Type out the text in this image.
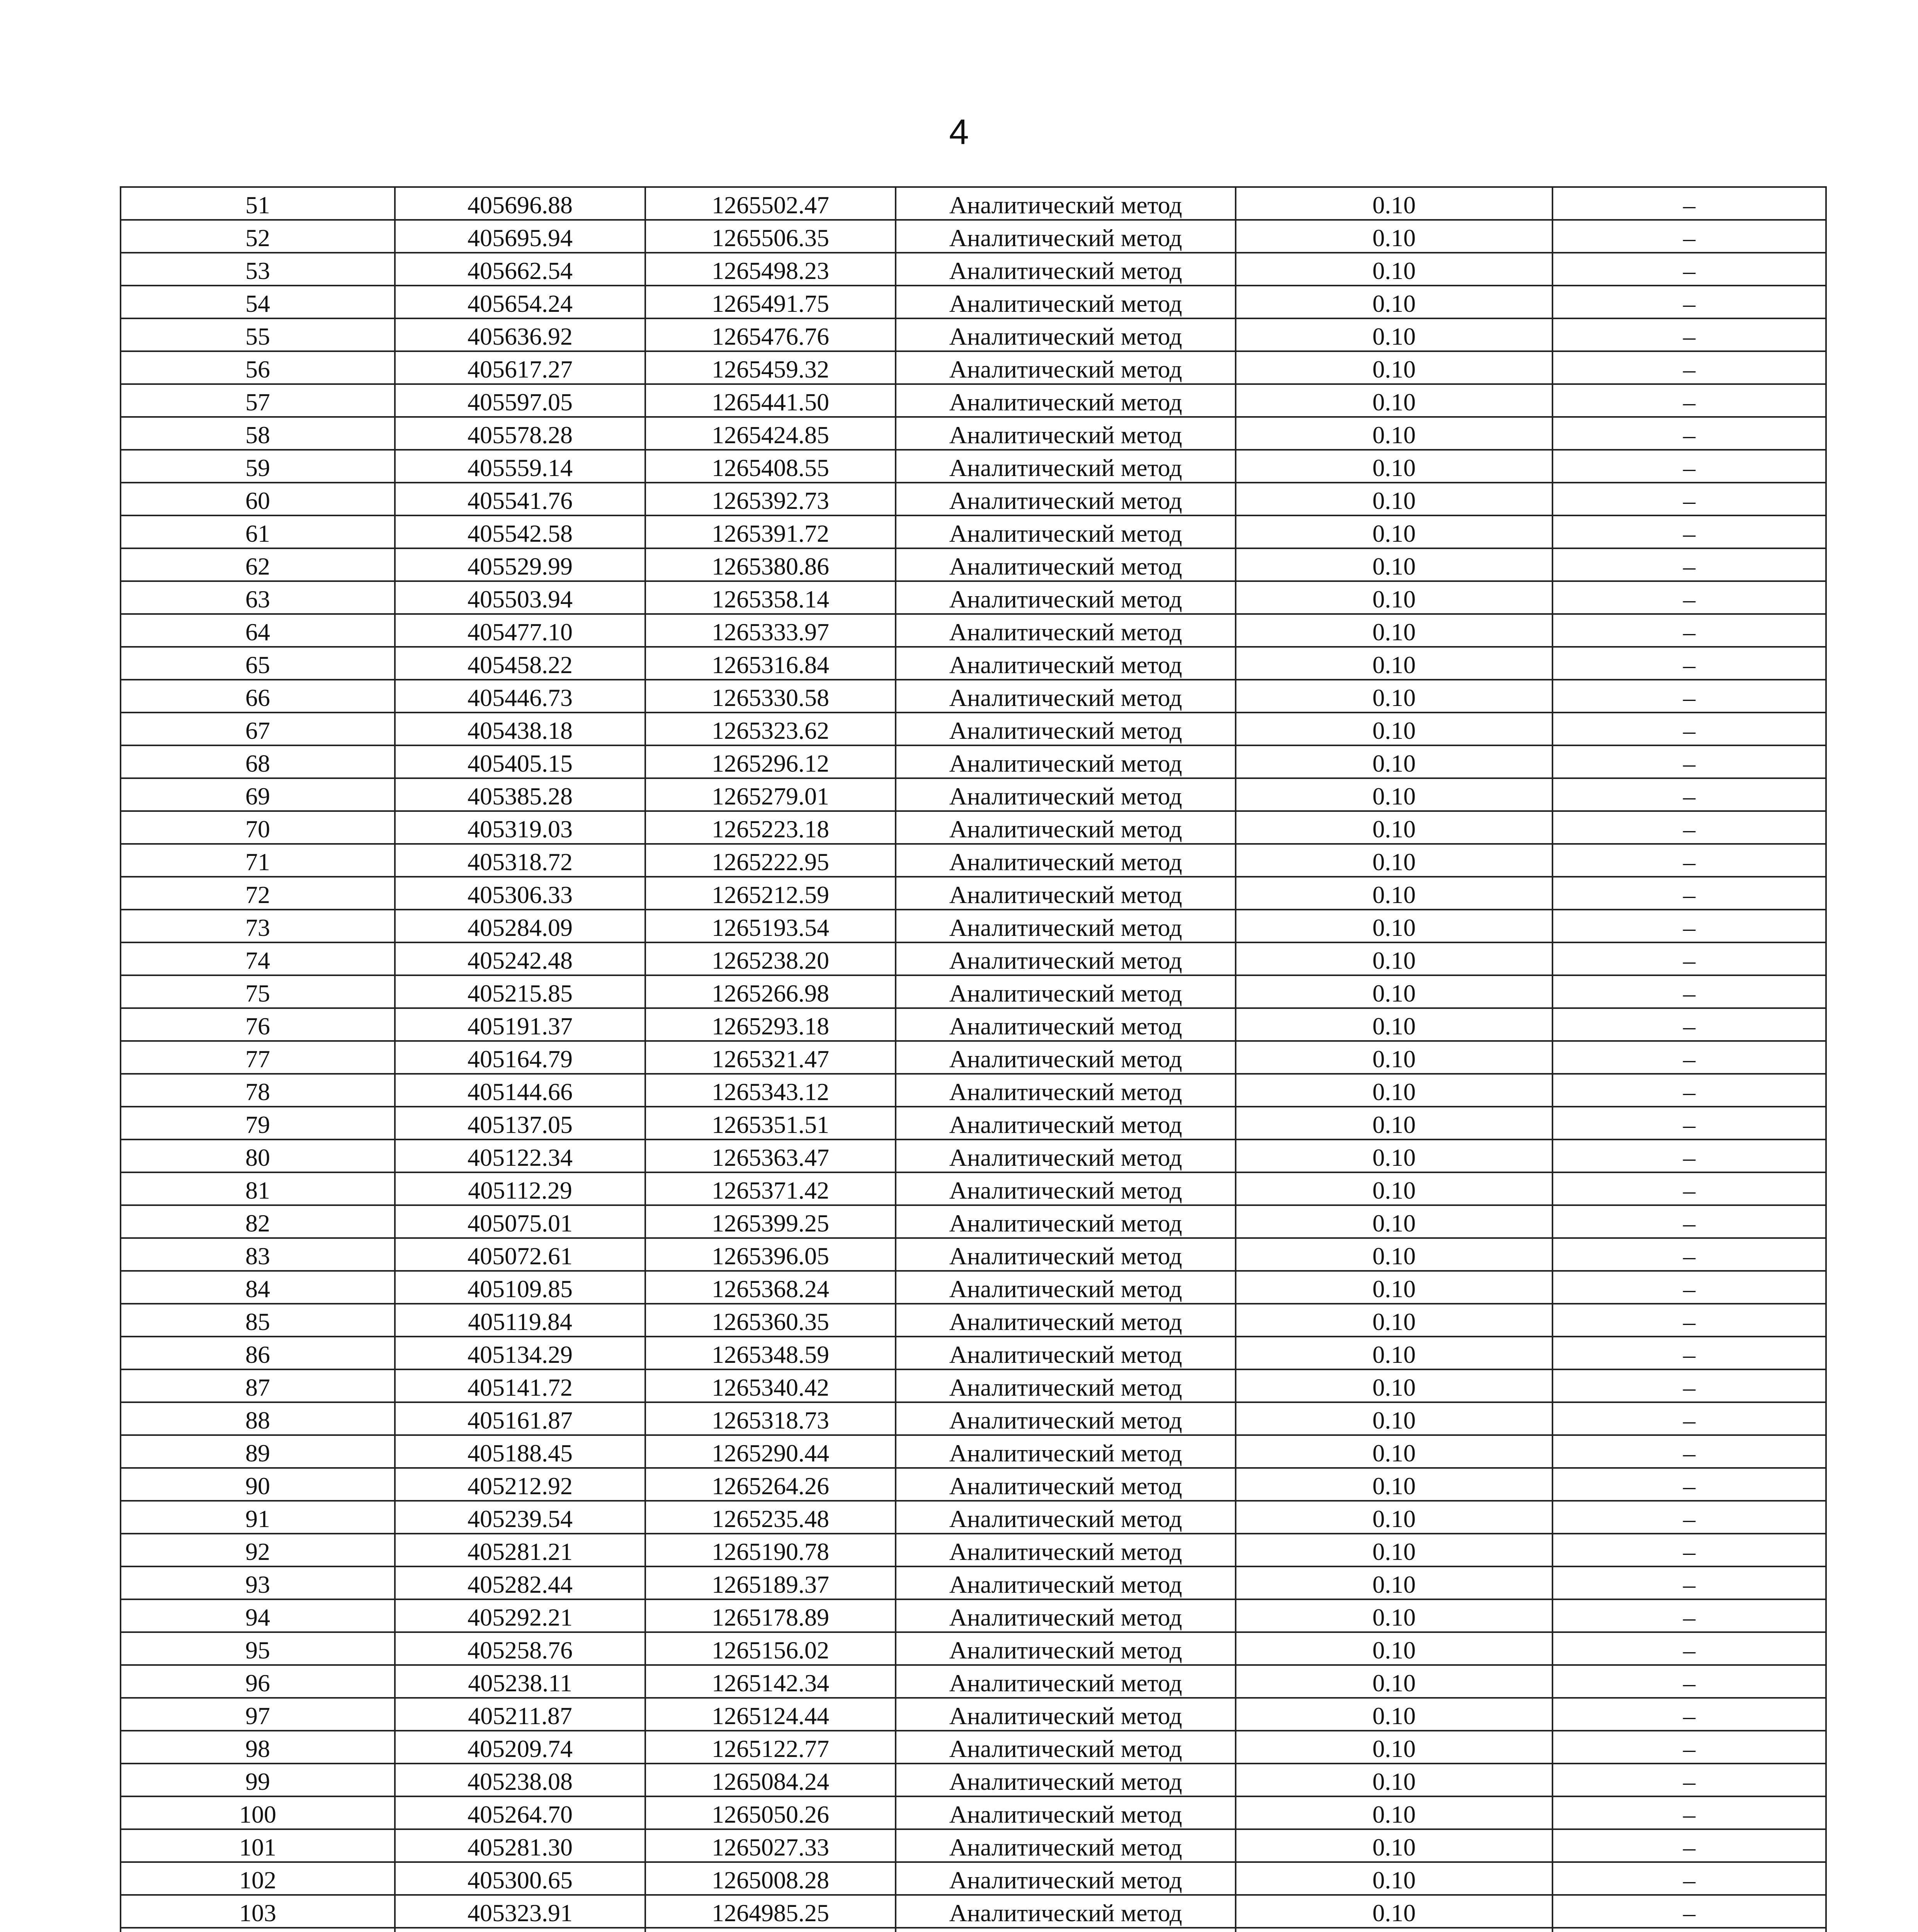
4
51	405696.88	1265502.47	Аналитический метод	0.10	–
52	405695.94	1265506.35	Аналитический метод	0.10	–
53	405662.54	1265498.23	Аналитический метод	0.10	–
54	405654.24	1265491.75	Аналитический метод	0.10	–
55	405636.92	1265476.76	Аналитический метод	0.10	–
56	405617.27	1265459.32	Аналитический метод	0.10	–
57	405597.05	1265441.50	Аналитический метод	0.10	–
58	405578.28	1265424.85	Аналитический метод	0.10	–
59	405559.14	1265408.55	Аналитический метод	0.10	–
60	405541.76	1265392.73	Аналитический метод	0.10	–
61	405542.58	1265391.72	Аналитический метод	0.10	–
62	405529.99	1265380.86	Аналитический метод	0.10	–
63	405503.94	1265358.14	Аналитический метод	0.10	–
64	405477.10	1265333.97	Аналитический метод	0.10	–
65	405458.22	1265316.84	Аналитический метод	0.10	–
66	405446.73	1265330.58	Аналитический метод	0.10	–
67	405438.18	1265323.62	Аналитический метод	0.10	–
68	405405.15	1265296.12	Аналитический метод	0.10	–
69	405385.28	1265279.01	Аналитический метод	0.10	–
70	405319.03	1265223.18	Аналитический метод	0.10	–
71	405318.72	1265222.95	Аналитический метод	0.10	–
72	405306.33	1265212.59	Аналитический метод	0.10	–
73	405284.09	1265193.54	Аналитический метод	0.10	–
74	405242.48	1265238.20	Аналитический метод	0.10	–
75	405215.85	1265266.98	Аналитический метод	0.10	–
76	405191.37	1265293.18	Аналитический метод	0.10	–
77	405164.79	1265321.47	Аналитический метод	0.10	–
78	405144.66	1265343.12	Аналитический метод	0.10	–
79	405137.05	1265351.51	Аналитический метод	0.10	–
80	405122.34	1265363.47	Аналитический метод	0.10	–
81	405112.29	1265371.42	Аналитический метод	0.10	–
82	405075.01	1265399.25	Аналитический метод	0.10	–
83	405072.61	1265396.05	Аналитический метод	0.10	–
84	405109.85	1265368.24	Аналитический метод	0.10	–
85	405119.84	1265360.35	Аналитический метод	0.10	–
86	405134.29	1265348.59	Аналитический метод	0.10	–
87	405141.72	1265340.42	Аналитический метод	0.10	–
88	405161.87	1265318.73	Аналитический метод	0.10	–
89	405188.45	1265290.44	Аналитический метод	0.10	–
90	405212.92	1265264.26	Аналитический метод	0.10	–
91	405239.54	1265235.48	Аналитический метод	0.10	–
92	405281.21	1265190.78	Аналитический метод	0.10	–
93	405282.44	1265189.37	Аналитический метод	0.10	–
94	405292.21	1265178.89	Аналитический метод	0.10	–
95	405258.76	1265156.02	Аналитический метод	0.10	–
96	405238.11	1265142.34	Аналитический метод	0.10	–
97	405211.87	1265124.44	Аналитический метод	0.10	–
98	405209.74	1265122.77	Аналитический метод	0.10	–
99	405238.08	1265084.24	Аналитический метод	0.10	–
100	405264.70	1265050.26	Аналитический метод	0.10	–
101	405281.30	1265027.33	Аналитический метод	0.10	–
102	405300.65	1265008.28	Аналитический метод	0.10	–
103	405323.91	1264985.25	Аналитический метод	0.10	–
